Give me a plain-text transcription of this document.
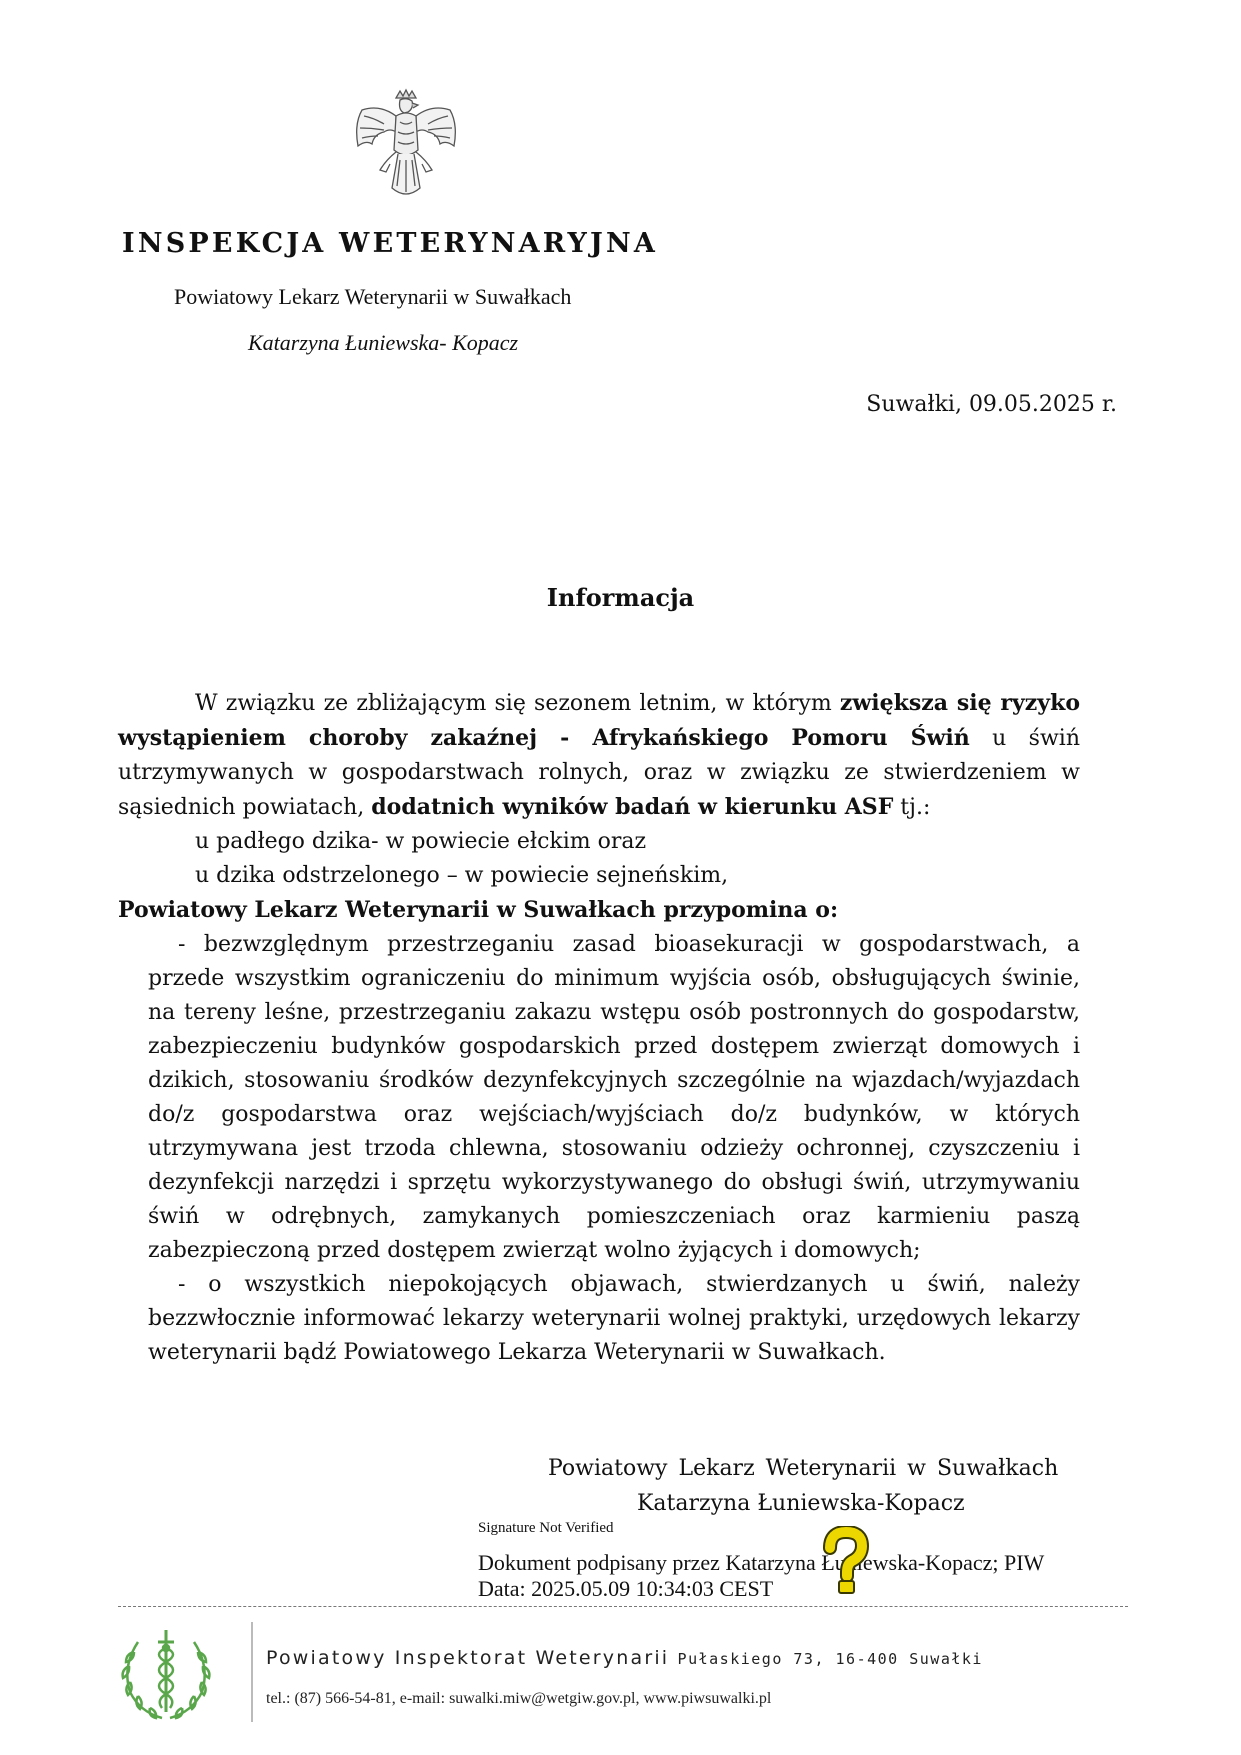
INSPEKCJA WETERYNARYJNA
Powiatowy Lekarz Weterynarii w Suwałkach
Katarzyna Łuniewska- Kopacz
Suwałki, 09.05.2025 r.
Informacja

W związku ze zbliżającym się sezonem letnim, w którym zwiększa się ryzyko wystąpieniem choroby zakaźnej - Afrykańskiego Pomoru Świń u świń utrzymywanych w gospodarstwach rolnych, oraz w związku ze stwierdzeniem w sąsiednich powiatach, dodatnich wyników badań w kierunku ASF tj.:

u padłego dzika- w powiecie ełckim oraz
u dzika odstrzelonego – w powiecie sejneńskim,
Powiatowy Lekarz Weterynarii w Suwałkach przypomina o:

- bezwzględnym przestrzeganiu zasad bioasekuracji w gospodarstwach, a przede wszystkim ograniczeniu do minimum wyjścia osób, obsługujących świnie, na tereny leśne, przestrzeganiu zakazu wstępu osób postronnych do gospodarstw, zabezpieczeniu budynków gospodarskich przed dostępem zwierząt domowych i dzikich, stosowaniu środków dezynfekcyjnych szczególnie na wjazdach/wyjazdach do/z gospodarstwa oraz wejściach/wyjściach do/z budynków, w których utrzymywana jest trzoda chlewna, stosowaniu odzieży ochronnej, czyszczeniu i dezynfekcji narzędzi i sprzętu wykorzystywanego do obsługi świń, utrzymywaniu świń w odrębnych, zamykanych pomieszczeniach oraz karmieniu paszą zabezpieczoną przed dostępem zwierząt wolno żyjących i domowych;

- o wszystkich niepokojących objawach, stwierdzanych u świń, należy bezzwłocznie informować lekarzy weterynarii wolnej praktyki, urzędowych lekarzy weterynarii bądź Powiatowego Lekarza Weterynarii w Suwałkach.

Powiatowy Lekarz Weterynarii w Suwałkach
Katarzyna Łuniewska-Kopacz
Signature Not Verified
Dokument podpisany przez Katarzyna Łuniewska-Kopacz; PIW
Data: 2025.05.09 10:34:03 CEST
Powiatowy Inspektorat Weterynarii Pułaskiego 73, 16-400 Suwałki
tel.: (87) 566-54-81, e-mail: suwalki.miw@wetgiw.gov.pl, www.piwsuwalki.pl
